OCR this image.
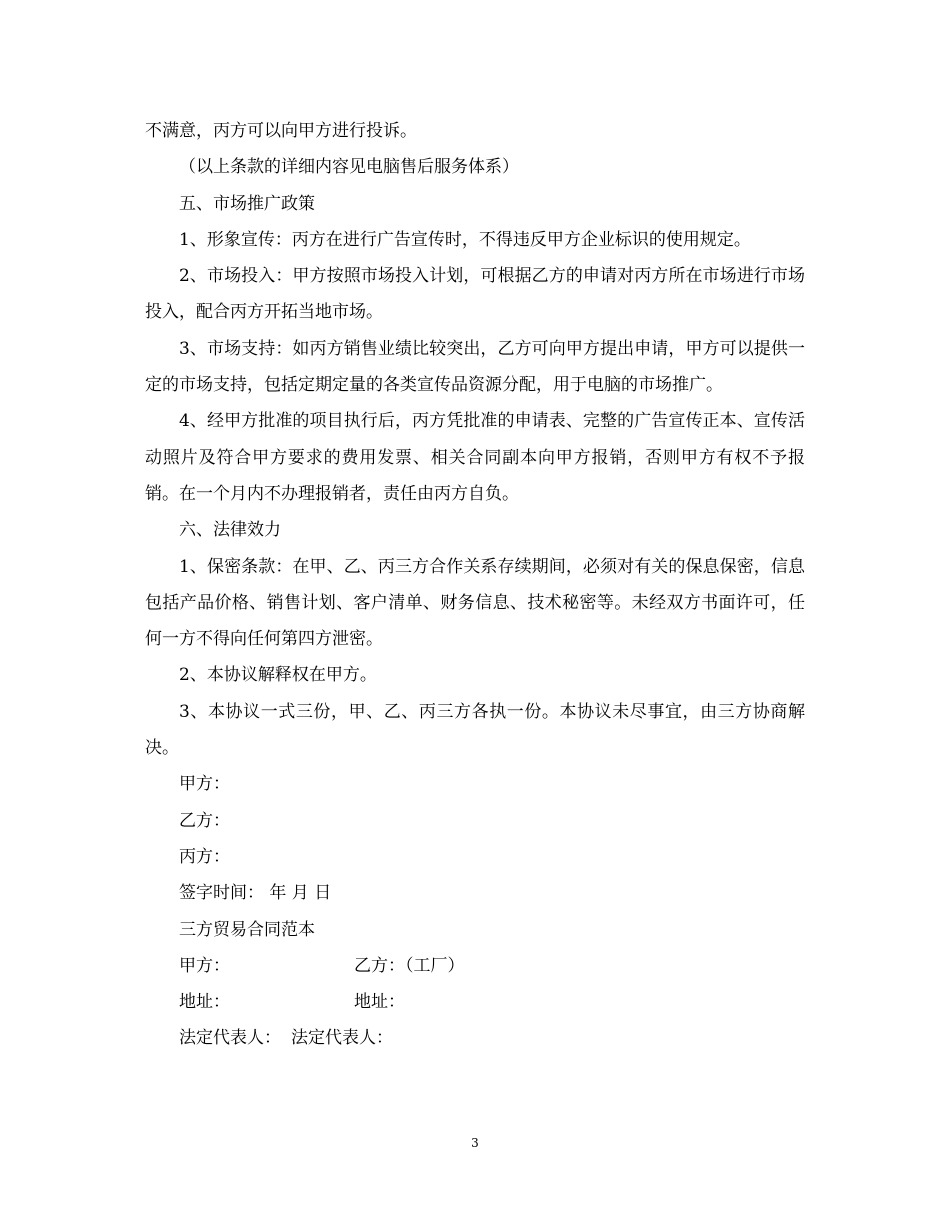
不满意，丙方可以向甲方进行投诉。

（以上条款的详细内容见电脑售后服务体系）

五、市场推广政策

1、形象宣传：丙方在进行广告宣传时，不得违反甲方企业标识的使用规定。

2、市场投入：甲方按照市场投入计划，可根据乙方的申请对丙方所在市场进行市场投入，配合丙方开拓当地市场。

3、市场支持：如丙方销售业绩比较突出，乙方可向甲方提出申请，甲方可以提供一定的市场支持，包括定期定量的各类宣传品资源分配，用于电脑的市场推广。

4、经甲方批准的项目执行后，丙方凭批准的申请表、完整的广告宣传正本、宣传活动照片及符合甲方要求的费用发票、相关合同副本向甲方报销，否则甲方有权不予报销。在一个月内不办理报销者，责任由丙方自负。

六、法律效力

1、保密条款：在甲、乙、丙三方合作关系存续期间，必须对有关的保息保密，信息包括产品价格、销售计划、客户清单、财务信息、技术秘密等。未经双方书面许可，任何一方不得向任何第四方泄密。

2、本协议解释权在甲方。

3、本协议一式三份，甲、乙、丙三方各执一份。本协议未尽事宜，由三方协商解决。

甲方：

乙方：

丙方：

签字时间： 年 月 日

三方贸易合同范本

甲方：	乙方：（工厂）
地址：	地址：
法定代表人： 法定代表人：
3
